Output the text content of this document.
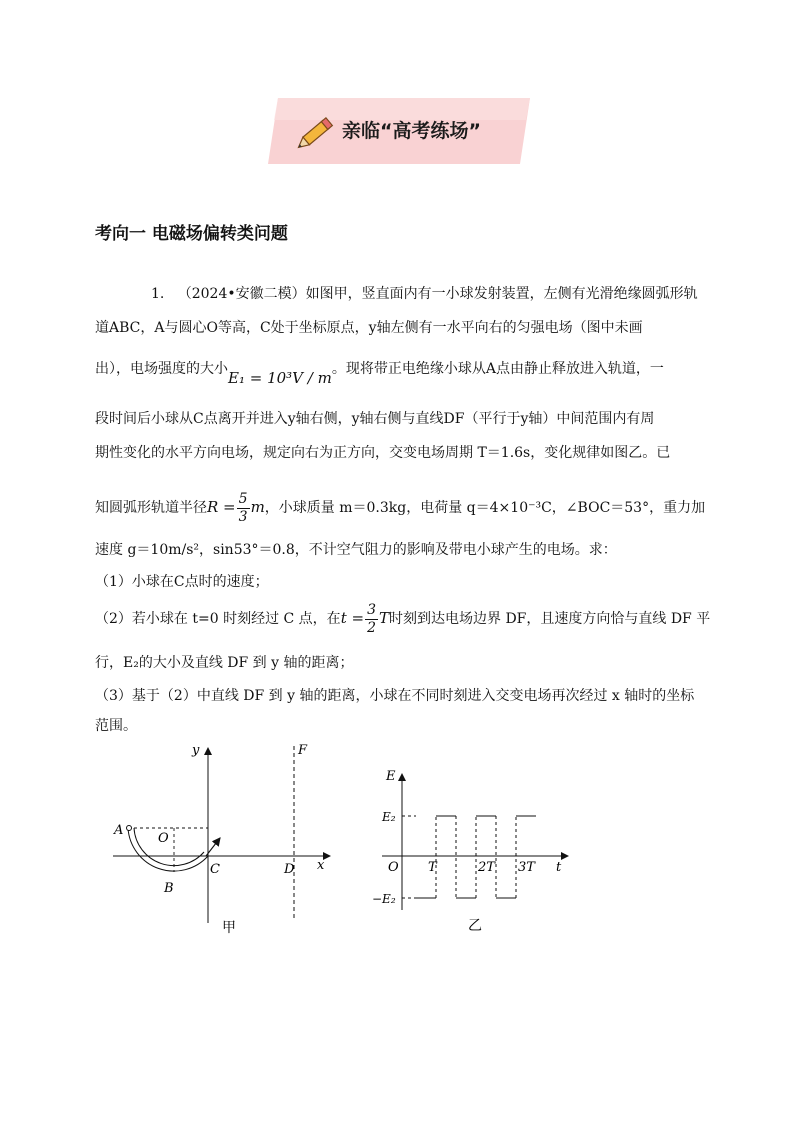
亲临“高考练场”
考向一 电磁场偏转类问题
1. （2024•安徽二模）如图甲，竖直面内有一小球发射装置，左侧有光滑绝缘圆弧形轨
道ABC，A与圆心O等高，C处于坐标原点，y轴左侧有一水平向右的匀强电场（图中未画
出），电场强度的大小E₁ = 10³V / m。现将带正电绝缘小球从A点由静止释放进入轨道，一
段时间后小球从C点离开并进入y轴右侧，y轴右侧与直线DF（平行于y轴）中间范围内有周
期性变化的水平方向电场，规定向右为正方向，交变电场周期 T＝1.6s，变化规律如图乙。已
知圆弧形轨道半径$R = \frac{5}{3}$ m，小球质量 m＝0.3kg，电荷量 q＝4×10⁻³C，∠BOC＝53°，重力加
速度 g＝10m/s²，sin53°＝0.8，不计空气阻力的影响及带电小球产生的电场。求：
（1）小球在C点时的速度；
（2）若小球在 t=0 时刻经过 C 点，在$t = \frac{3}{2}$ T时刻到达电场边界 DF，且速度方向恰与直线 DF 平
行，E₂的大小及直线 DF 到 y 轴的距离；
（3）基于（2）中直线 DF 到 y 轴的距离，小球在不同时刻进入交变电场再次经过 x 轴时的坐标
范围。
y	F
A
O
C	D x
B
甲
E
E₂
O T	2T 3T t
−E₂
乙
